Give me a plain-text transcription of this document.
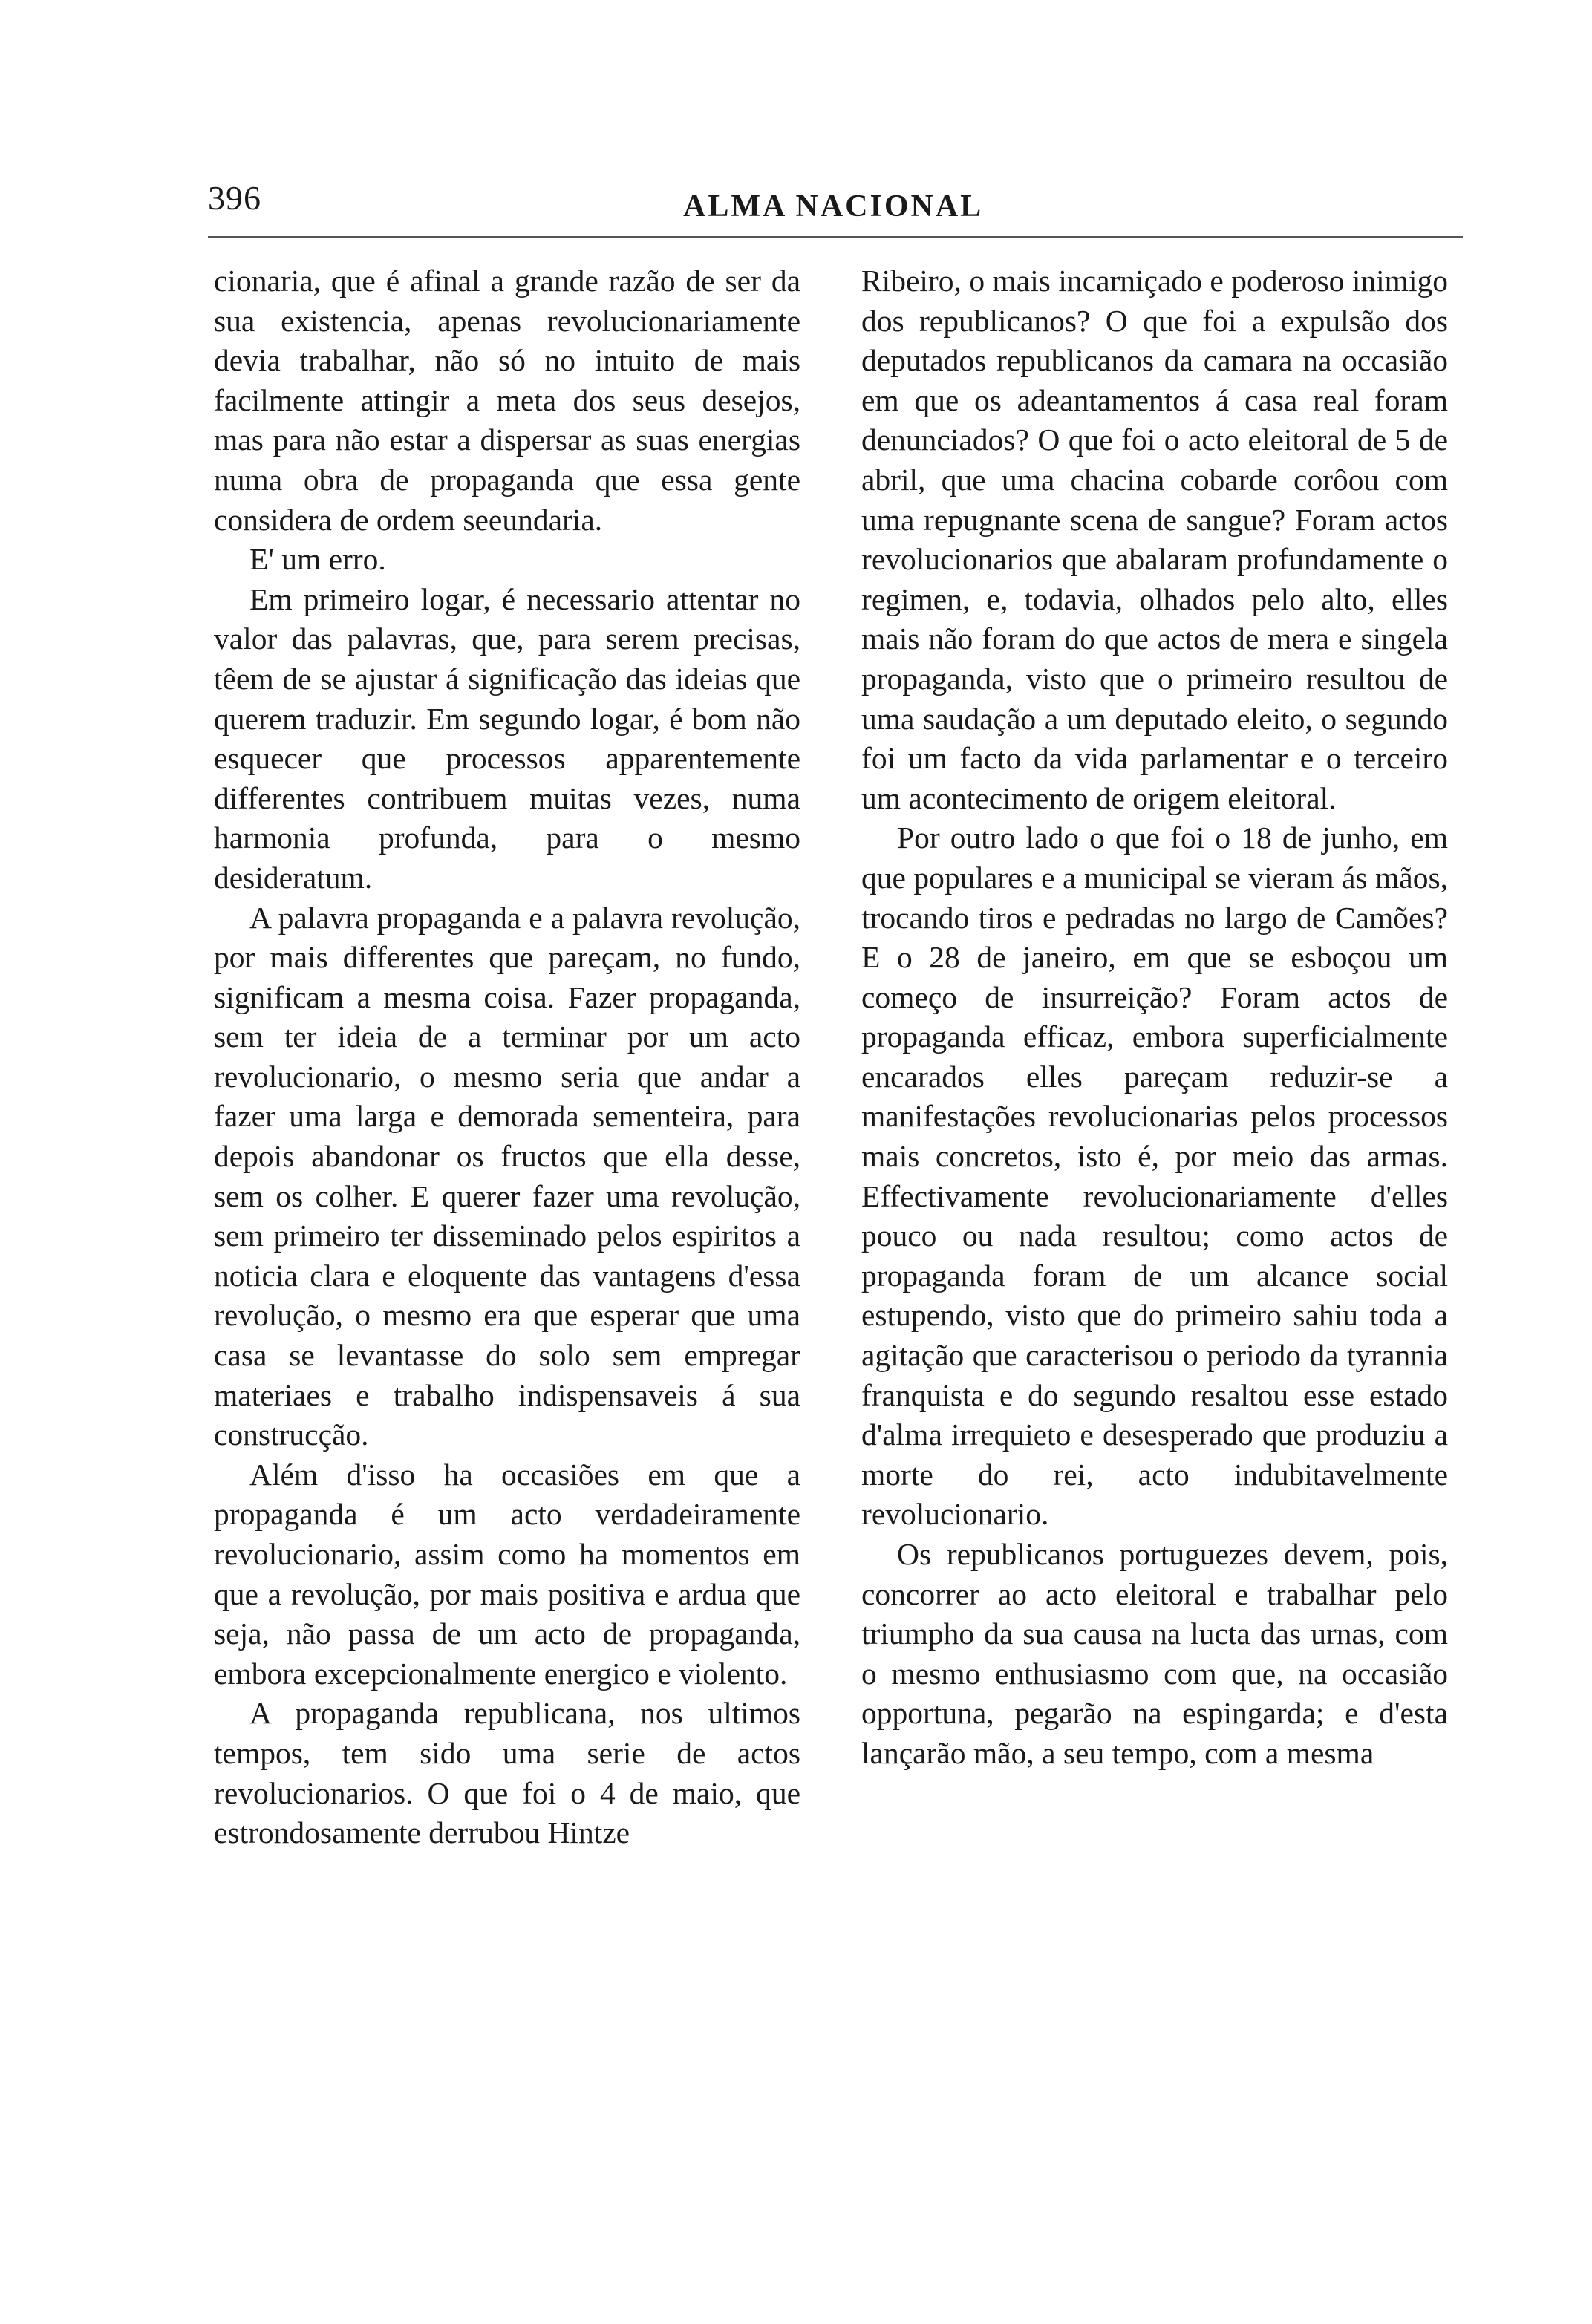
396	ALMA NACIONAL

cionaria, que é afinal a grande razão de ser da sua existencia, apenas revolucionariamente devia trabalhar, não só no intuito de mais facilmente attingir a meta dos seus desejos, mas para não estar a dispersar as suas energias numa obra de propaganda que essa gente considera de ordem seeundaria.

E' um erro.

Em primeiro logar, é necessario attentar no valor das palavras, que, para serem precisas, têem de se ajustar á significação das ideias que querem traduzir. Em segundo logar, é bom não esquecer que processos apparentemente differentes contribuem muitas vezes, numa harmonia profunda, para o mesmo desideratum.

A palavra propaganda e a palavra revolução, por mais differentes que pareçam, no fundo, significam a mesma coisa. Fazer propaganda, sem ter ideia de a terminar por um acto revolucionario, o mesmo seria que andar a fazer uma larga e demorada sementeira, para depois abandonar os fructos que ella desse, sem os colher. E querer fazer uma revolução, sem primeiro ter disseminado pelos espiritos a noticia clara e eloquente das vantagens d'essa revolução, o mesmo era que esperar que uma casa se levantasse do solo sem empregar materiaes e trabalho indispensaveis á sua construcção.

Além d'isso ha occasiões em que a propaganda é um acto verdadeiramente revolucionario, assim como ha momentos em que a revolução, por mais positiva e ardua que seja, não passa de um acto de propaganda, embora excepcionalmente energico e violento.

A propaganda republicana, nos ultimos tempos, tem sido uma serie de actos revolucionarios. O que foi o 4 de maio, que estrondosamente derrubou Hintze

Ribeiro, o mais incarniçado e poderoso inimigo dos republicanos? O que foi a expulsão dos deputados republicanos da camara na occasião em que os adeantamentos á casa real foram denunciados? O que foi o acto eleitoral de 5 de abril, que uma chacina cobarde corôou com uma repugnante scena de sangue? Foram actos revolucionarios que abalaram profundamente o regimen, e, todavia, olhados pelo alto, elles mais não foram do que actos de mera e singela propaganda, visto que o primeiro resultou de uma saudação a um deputado eleito, o segundo foi um facto da vida parlamentar e o terceiro um acontecimento de origem eleitoral.

Por outro lado o que foi o 18 de junho, em que populares e a municipal se vieram ás mãos, trocando tiros e pedradas no largo de Camões? E o 28 de janeiro, em que se esboçou um começo de insurreição? Foram actos de propaganda efficaz, embora superficialmente encarados elles pareçam reduzir-se a manifestações revolucionarias pelos processos mais concretos, isto é, por meio das armas. Effectivamente revolucionariamente d'elles pouco ou nada resultou; como actos de propaganda foram de um alcance social estupendo, visto que do primeiro sahiu toda a agitação que caracterisou o periodo da tyrannia franquista e do segundo resaltou esse estado d'alma irrequieto e desesperado que produziu a morte do rei, acto indubitavelmente revolucionario.

Os republicanos portuguezes devem, pois, concorrer ao acto eleitoral e trabalhar pelo triumpho da sua causa na lucta das urnas, com o mesmo enthusiasmo com que, na occasião opportuna, pegarão na espingarda; e d'esta lançarão mão, a seu tempo, com a mesma
